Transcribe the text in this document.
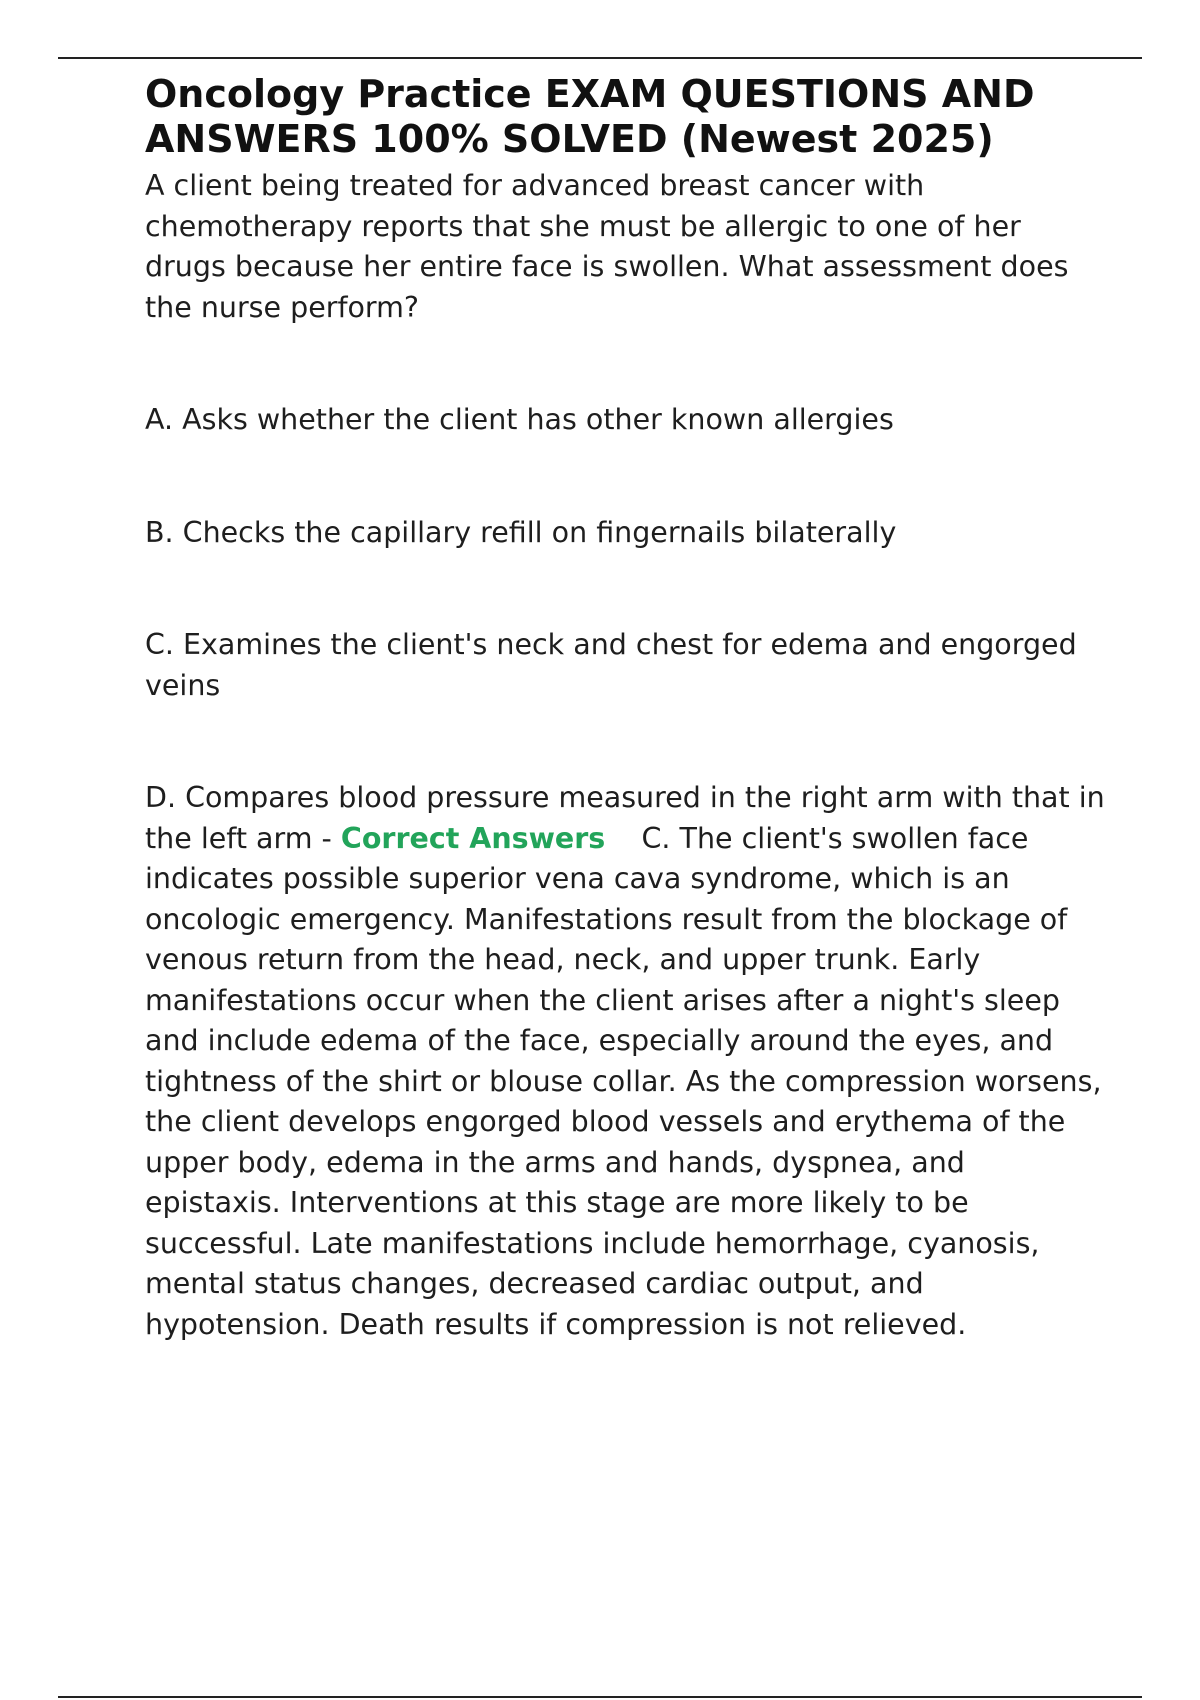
Oncology Practice EXAM QUESTIONS AND ANSWERS 100% SOLVED (Newest 2025)

A client being treated for advanced breast cancer with chemotherapy reports that she must be allergic to one of her drugs because her entire face is swollen. What assessment does the nurse perform?

A. Asks whether the client has other known allergies

B. Checks the capillary refill on fingernails bilaterally

C. Examines the client's neck and chest for edema and engorged veins

D. Compares blood pressure measured in the right arm with that in the left arm - Correct Answers C. The client's swollen face indicates possible superior vena cava syndrome, which is an oncologic emergency. Manifestations result from the blockage of venous return from the head, neck, and upper trunk. Early manifestations occur when the client arises after a night's sleep and include edema of the face, especially around the eyes, and tightness of the shirt or blouse collar. As the compression worsens, the client develops engorged blood vessels and erythema of the upper body, edema in the arms and hands, dyspnea, and epistaxis. Interventions at this stage are more likely to be successful. Late manifestations include hemorrhage, cyanosis, mental status changes, decreased cardiac output, and hypotension. Death results if compression is not relieved.
